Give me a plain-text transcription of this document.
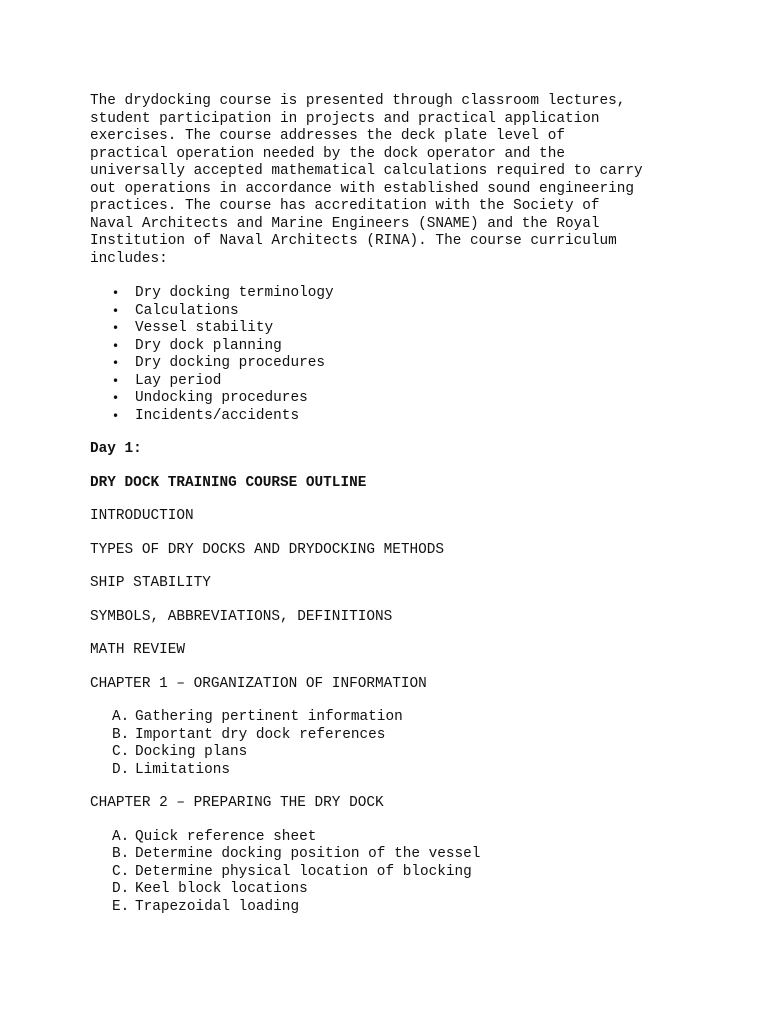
The drydocking course is presented through classroom lectures,
student participation in projects and practical application
exercises. The course addresses the deck plate level of
practical operation needed by the dock operator and the
universally accepted mathematical calculations required to carry
out operations in accordance with established sound engineering
practices. The course has accreditation with the Society of
Naval Architects and Marine Engineers (SNAME) and the Royal
Institution of Naval Architects (RINA). The course curriculum
includes:

• Dry docking terminology
• Calculations
• Vessel stability
• Dry dock planning
• Dry docking procedures
• Lay period
• Undocking procedures
• Incidents/accidents
Day 1:
DRY DOCK TRAINING COURSE OUTLINE
INTRODUCTION
TYPES OF DRY DOCKS AND DRYDOCKING METHODS
SHIP STABILITY
SYMBOLS, ABBREVIATIONS, DEFINITIONS
MATH REVIEW
CHAPTER 1 – ORGANIZATION OF INFORMATION
A. Gathering pertinent information
B. Important dry dock references
C. Docking plans
D. Limitations
CHAPTER 2 – PREPARING THE DRY DOCK
A. Quick reference sheet
B. Determine docking position of the vessel
C. Determine physical location of blocking
D. Keel block locations
E. Trapezoidal loading
